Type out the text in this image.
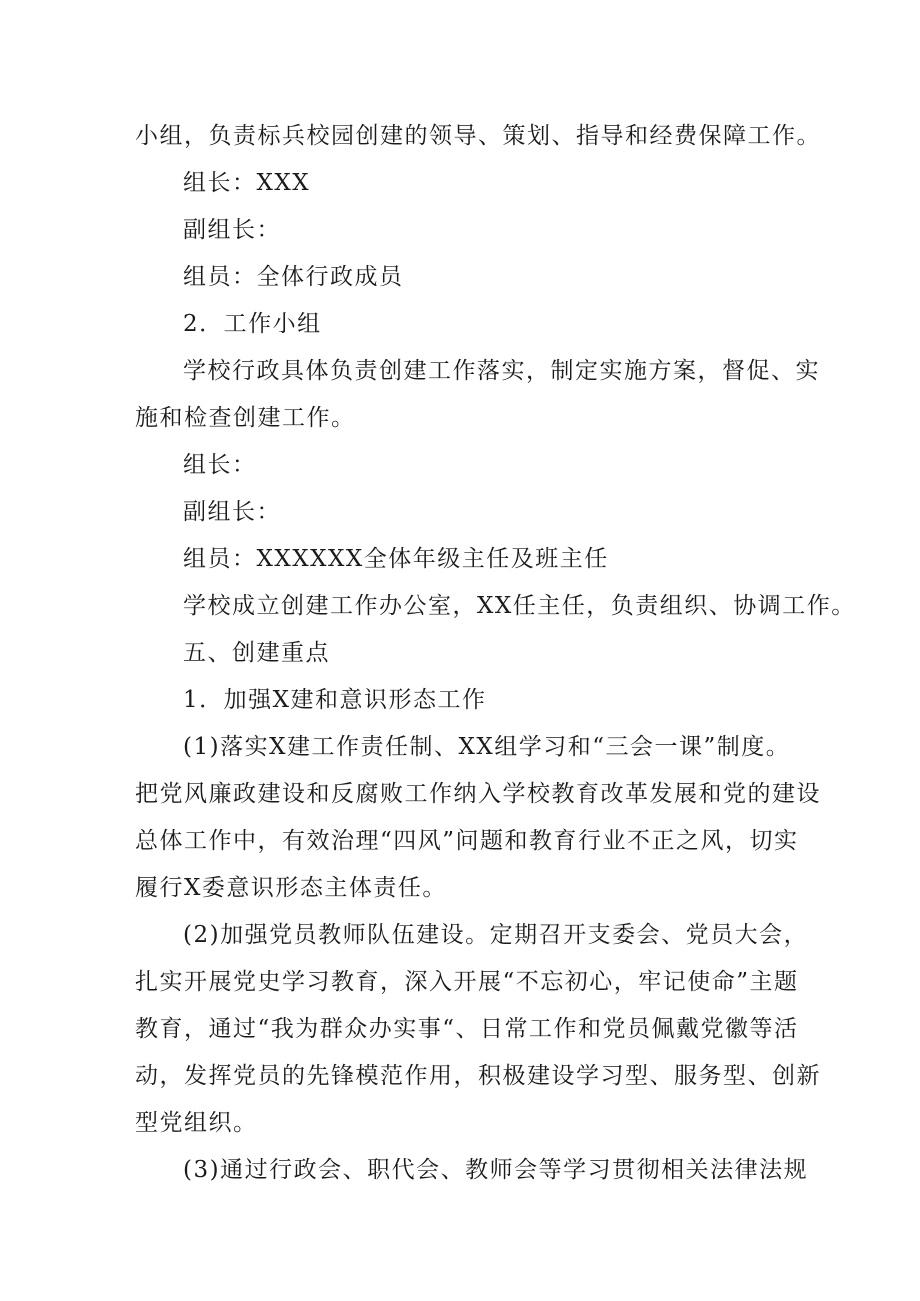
小组，负责标兵校园创建的领导、策划、指导和经费保障工作。
组长：XXX
副组长：
组员：全体行政成员
2．工作小组
学校行政具体负责创建工作落实，制定实施方案，督促、实
施和检查创建工作。
组长：
副组长：
组员：XXXXXX全体年级主任及班主任
学校成立创建工作办公室，XX任主任，负责组织、协调工作。
五、创建重点
1．加强X建和意识形态工作
(1)落实X建工作责任制、XX组学习和“三会一课”制度。
把党风廉政建设和反腐败工作纳入学校教育改革发展和党的建设
总体工作中，有效治理“四风”问题和教育行业不正之风，切实
履行X委意识形态主体责任。
(2)加强党员教师队伍建设。定期召开支委会、党员大会，
扎实开展党史学习教育，深入开展“不忘初心，牢记使命”主题
教育，通过“我为群众办实事“、日常工作和党员佩戴党徽等活
动，发挥党员的先锋模范作用，积极建设学习型、服务型、创新
型党组织。
(3)通过行政会、职代会、教师会等学习贯彻相关法律法规
